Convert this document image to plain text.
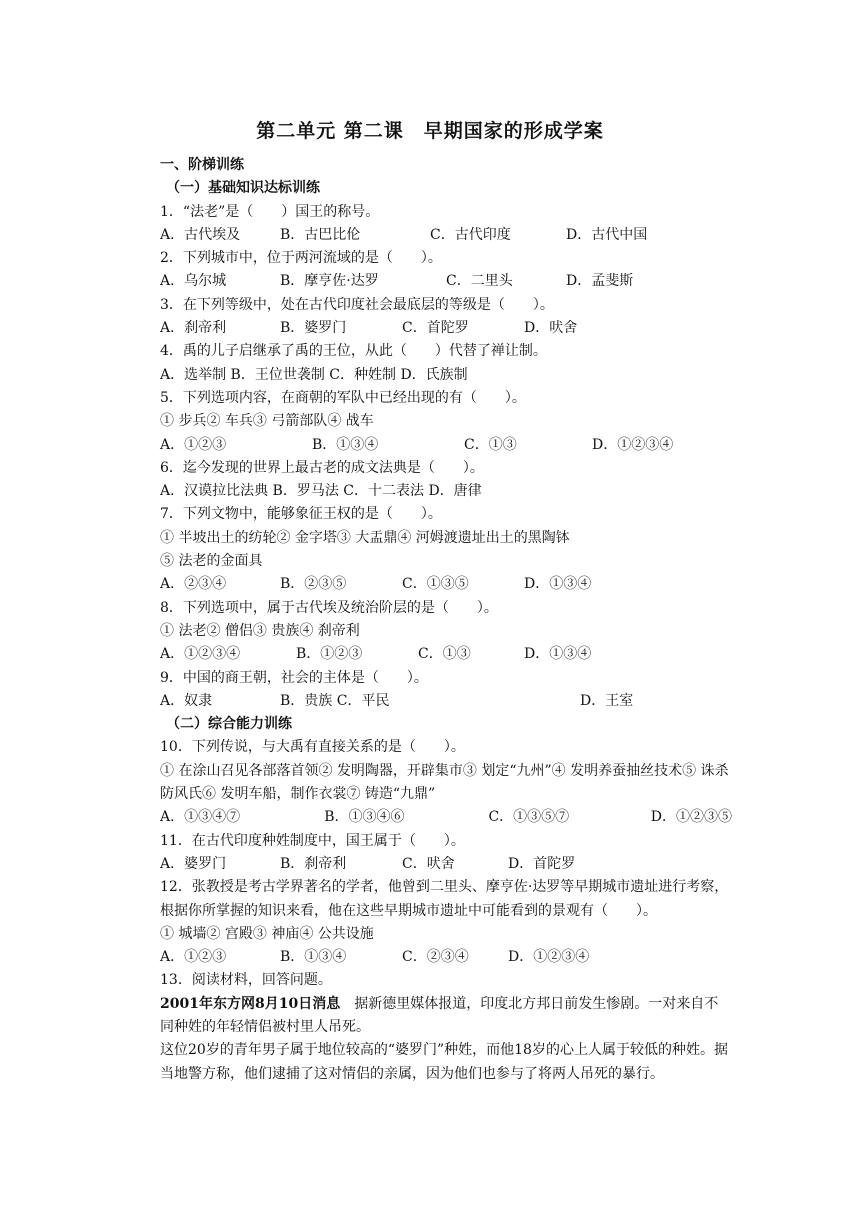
第二单元 第二课　早期国家的形成学案
一、阶梯训练
（一）基础知识达标训练
1．“法老”是（　　）国王的称号。
A．古代埃及	B．古巴比伦	C．古代印度	D．古代中国
2．下列城市中，位于两河流域的是（　　）。
A．乌尔城	B．摩亨佐·达罗	C．二里头	D．孟斐斯
3．在下列等级中，处在古代印度社会最底层的等级是（　　）。
A．刹帝利	B．婆罗门	C．首陀罗	D．吠舍
4．禹的儿子启继承了禹的王位，从此（　　）代替了禅让制。
A．选举制 B．王位世袭制 C．种姓制 D．氏族制
5．下列选项内容，在商朝的军队中已经出现的有（　　）。
① 步兵② 车兵③ 弓箭部队④ 战车
A．①②③	B．①③④	C．①③	D．①②③④
6．迄今发现的世界上最古老的成文法典是（　　）。
A．汉谟拉比法典 B．罗马法 C．十二表法 D．唐律
7．下列文物中，能够象征王权的是（　　）。
① 半坡出土的纺轮② 金字塔③ 大盂鼎④ 河姆渡遗址出土的黑陶钵
⑤ 法老的金面具
A．②③④	B．②③⑤	C．①③⑤	D．①③④
8．下列选项中，属于古代埃及统治阶层的是（　　）。
① 法老② 僧侣③ 贵族④ 刹帝利
A．①②③④	B．①②③	C．①③	D．①③④
9．中国的商王朝，社会的主体是（　　）。
A．奴隶	B．贵族 C．平民	D．王室
（二）综合能力训练
10．下列传说，与大禹有直接关系的是（　　）。
① 在涂山召见各部落首领② 发明陶器，开辟集市③ 划定“九州”④ 发明养蚕抽丝技术⑤ 诛杀防风氏⑥ 发明车船，制作衣裳⑦ 铸造“九鼎”
A．①③④⑦	B．①③④⑥	C．①③⑤⑦	D．①②③⑤
11．在古代印度种姓制度中，国王属于（　　）。
A．婆罗门	B．刹帝利	C．吠舍	D．首陀罗
12．张教授是考古学界著名的学者，他曾到二里头、摩亨佐·达罗等早期城市遗址进行考察，根据你所掌握的知识来看，他在这些早期城市遗址中可能看到的景观有（　　）。
① 城墙② 宫殿③ 神庙④ 公共设施
A．①②③	B．①③④	C．②③④	D．①②③④
13．阅读材料，回答问题。
2001年东方网8月10日消息　据新德里媒体报道，印度北方邦日前发生惨剧。一对来自不同种姓的年轻情侣被村里人吊死。
这位20岁的青年男子属于地位较高的“婆罗门”种姓，而他18岁的心上人属于较低的种姓。据当地警方称，他们逮捕了这对情侣的亲属，因为他们也参与了将两人吊死的暴行。
